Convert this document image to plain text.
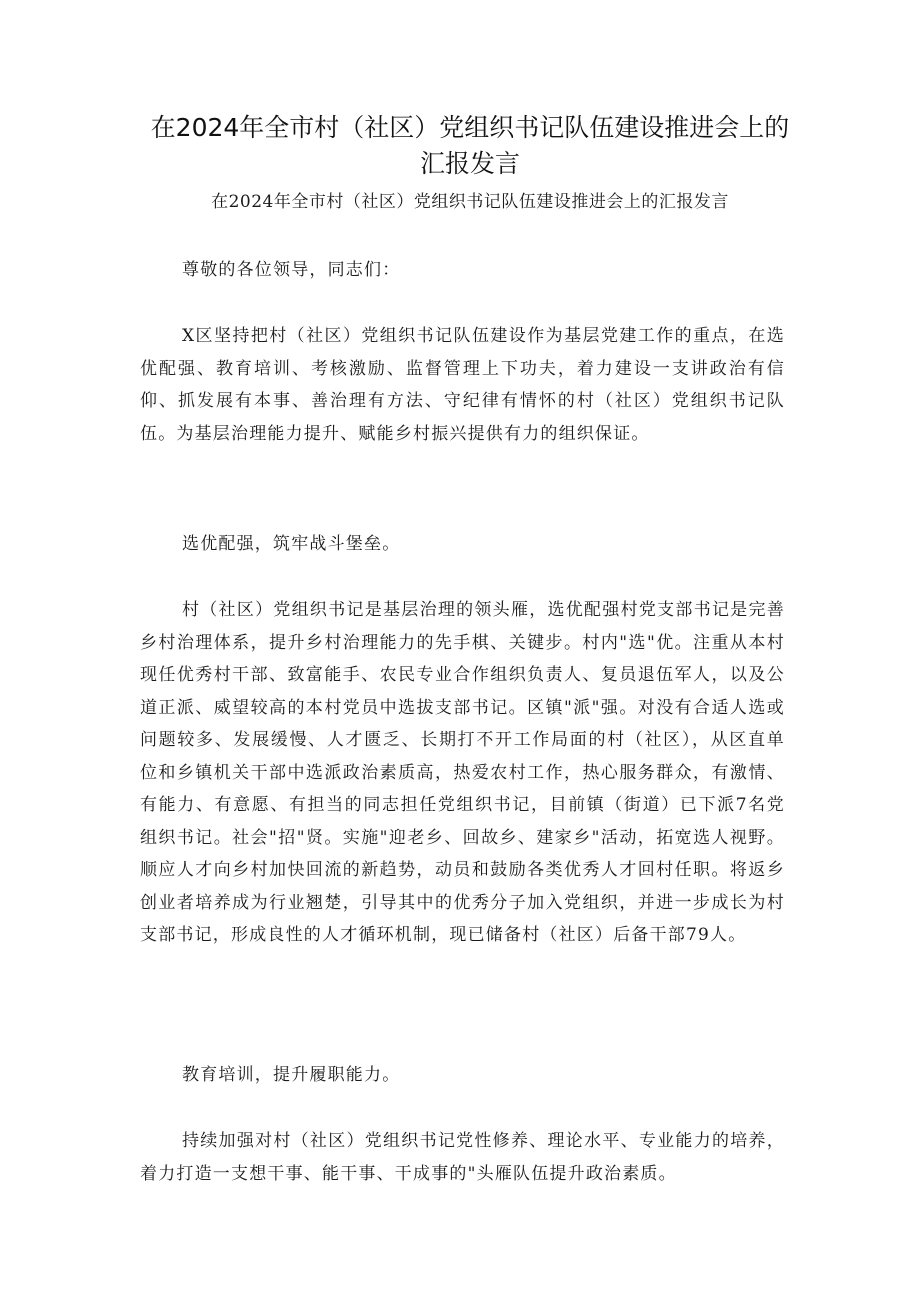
在2024年全市村（社区）党组织书记队伍建设推进会上的汇报发言

在2024年全市村（社区）党组织书记队伍建设推进会上的汇报发言

尊敬的各位领导，同志们：

X区坚持把村（社区）党组织书记队伍建设作为基层党建工作的重点，在选优配强、教育培训、考核激励、监督管理上下功夫，着力建设一支讲政治有信仰、抓发展有本事、善治理有方法、守纪律有情怀的村（社区）党组织书记队伍。为基层治理能力提升、赋能乡村振兴提供有力的组织保证。

选优配强，筑牢战斗堡垒。

村（社区）党组织书记是基层治理的领头雁，选优配强村党支部书记是完善乡村治理体系，提升乡村治理能力的先手棋、关键步。村内"选"优。注重从本村现任优秀村干部、致富能手、农民专业合作组织负责人、复员退伍军人，以及公道正派、威望较高的本村党员中选拔支部书记。区镇"派"强。对没有合适人选或问题较多、发展缓慢、人才匮乏、长期打不开工作局面的村（社区），从区直单位和乡镇机关干部中选派政治素质高，热爱农村工作，热心服务群众，有激情、有能力、有意愿、有担当的同志担任党组织书记，目前镇（街道）已下派7名党组织书记。社会"招"贤。实施"迎老乡、回故乡、建家乡"活动，拓宽选人视野。顺应人才向乡村加快回流的新趋势，动员和鼓励各类优秀人才回村任职。将返乡创业者培养成为行业翘楚，引导其中的优秀分子加入党组织，并进一步成长为村支部书记，形成良性的人才循环机制，现已储备村（社区）后备干部79人。

教育培训，提升履职能力。

持续加强对村（社区）党组织书记党性修养、理论水平、专业能力的培养，着力打造一支想干事、能干事、干成事的"头雁队伍提升政治素质。
